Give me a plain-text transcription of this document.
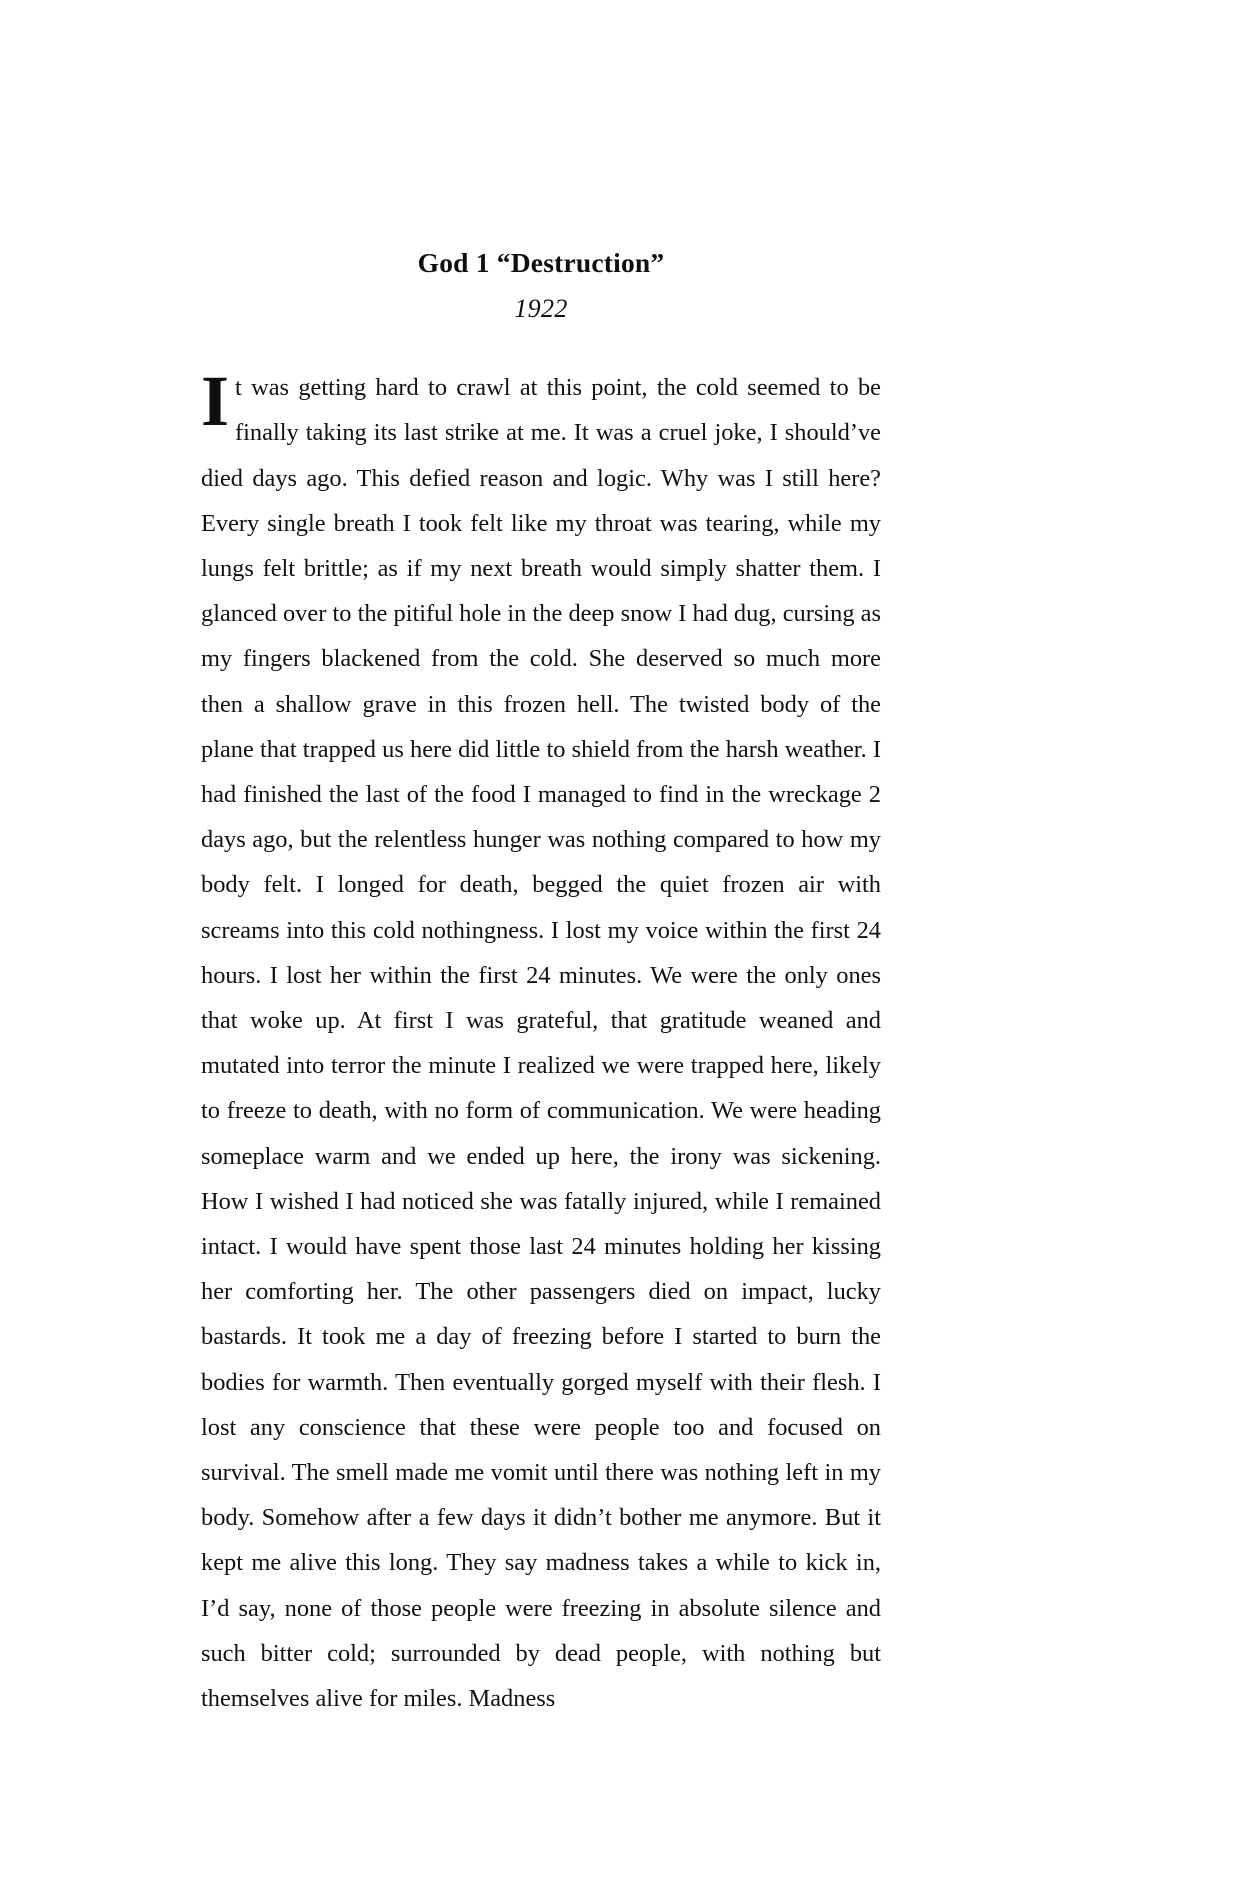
God 1 “Destruction”
1922

It was getting hard to crawl at this point, the cold seemed to be finally taking its last strike at me. It was a cruel joke, I should’ve died days ago. This defied reason and logic. Why was I still here? Every single breath I took felt like my throat was tearing, while my lungs felt brittle; as if my next breath would simply shatter them. I glanced over to the pitiful hole in the deep snow I had dug, cursing as my fingers blackened from the cold. She deserved so much more then a shallow grave in this frozen hell. The twisted body of the plane that trapped us here did little to shield from the harsh weather. I had finished the last of the food I managed to find in the wreckage 2 days ago, but the relentless hunger was nothing compared to how my body felt. I longed for death, begged the quiet frozen air with screams into this cold nothingness. I lost my voice within the first 24 hours. I lost her within the first 24 minutes. We were the only ones that woke up. At first I was grateful, that gratitude weaned and mutated into terror the minute I realized we were trapped here, likely to freeze to death, with no form of communication. We were heading someplace warm and we ended up here, the irony was sickening. How I wished I had noticed she was fatally injured, while I remained intact. I would have spent those last 24 minutes holding her kissing her comforting her. The other passengers died on impact, lucky bastards. It took me a day of freezing before I started to burn the bodies for warmth. Then eventually gorged myself with their flesh. I lost any conscience that these were people too and focused on survival. The smell made me vomit until there was nothing left in my body. Somehow after a few days it didn’t bother me anymore. But it kept me alive this long. They say madness takes a while to kick in, I’d say, none of those people were freezing in absolute silence and such bitter cold; surrounded by dead people, with nothing but themselves alive for miles. Madness
